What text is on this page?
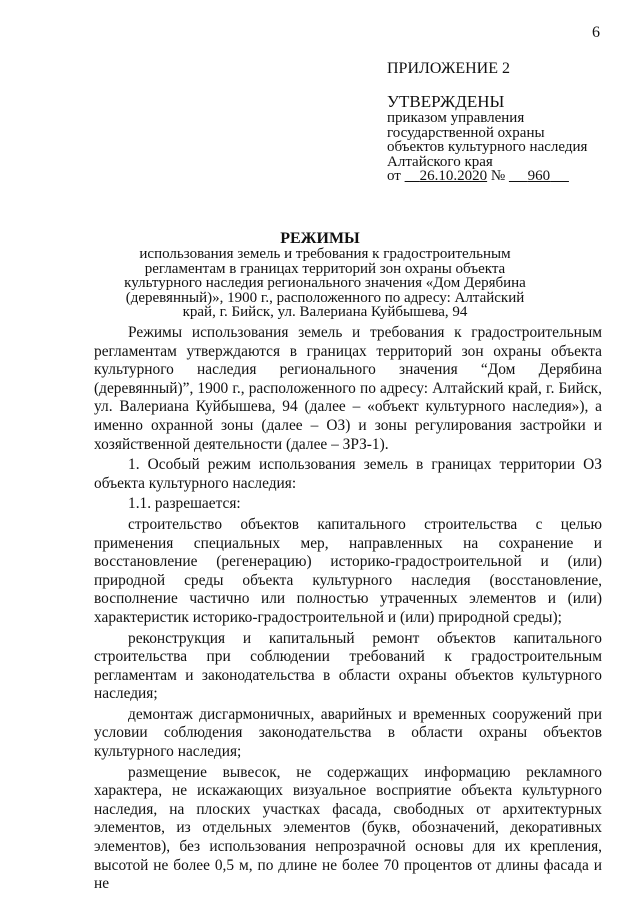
6
ПРИЛОЖЕНИЕ 2
УТВЕРЖДЕНЫ
приказом управления
государственной охраны
объектов культурного наследия
Алтайского края
от 26.10.2020 № 960
РЕЖИМЫ
использования земель и требования к градостроительным регламентам в границах территорий зон охраны объекта культурного наследия регионального значения «Дом Дерябина (деревянный)», 1900 г., расположенного по адресу: Алтайский край, г. Бийск, ул. Валериана Куйбышева, 94

Режимы использования земель и требования к градостроительным регламентам утверждаются в границах территорий зон охраны объекта культурного наследия регионального значения “Дом Дерябина (деревянный)”, 1900 г., расположенного по адресу: Алтайский край, г. Бийск, ул. Валериана Куйбышева, 94 (далее – «объект культурного наследия»), а именно охранной зоны (далее – ОЗ) и зоны регулирования застройки и хозяйственной деятельности (далее – ЗРЗ-1).

1. Особый режим использования земель в границах территории ОЗ объекта культурного наследия:

1.1. разрешается:

строительство объектов капитального строительства с целью применения специальных мер, направленных на сохранение и восстановление (регенерацию) историко-градостроительной и (или) природной среды объекта культурного наследия (восстановление, восполнение частично или полностью утраченных элементов и (или) характеристик историко-градостроительной и (или) природной среды);

реконструкция и капитальный ремонт объектов капитального строительства при соблюдении требований к градостроительным регламентам и законодательства в области охраны объектов культурного наследия;

демонтаж дисгармоничных, аварийных и временных сооружений при условии соблюдения законодательства в области охраны объектов культурного наследия;

размещение вывесок, не содержащих информацию рекламного характера, не искажающих визуальное восприятие объекта культурного наследия, на плоских участках фасада, свободных от архитектурных элементов, из отдельных элементов (букв, обозначений, декоративных элементов), без использования непрозрачной основы для их крепления, высотой не более 0,5 м, по длине не более 70 процентов от длины фасада и не
